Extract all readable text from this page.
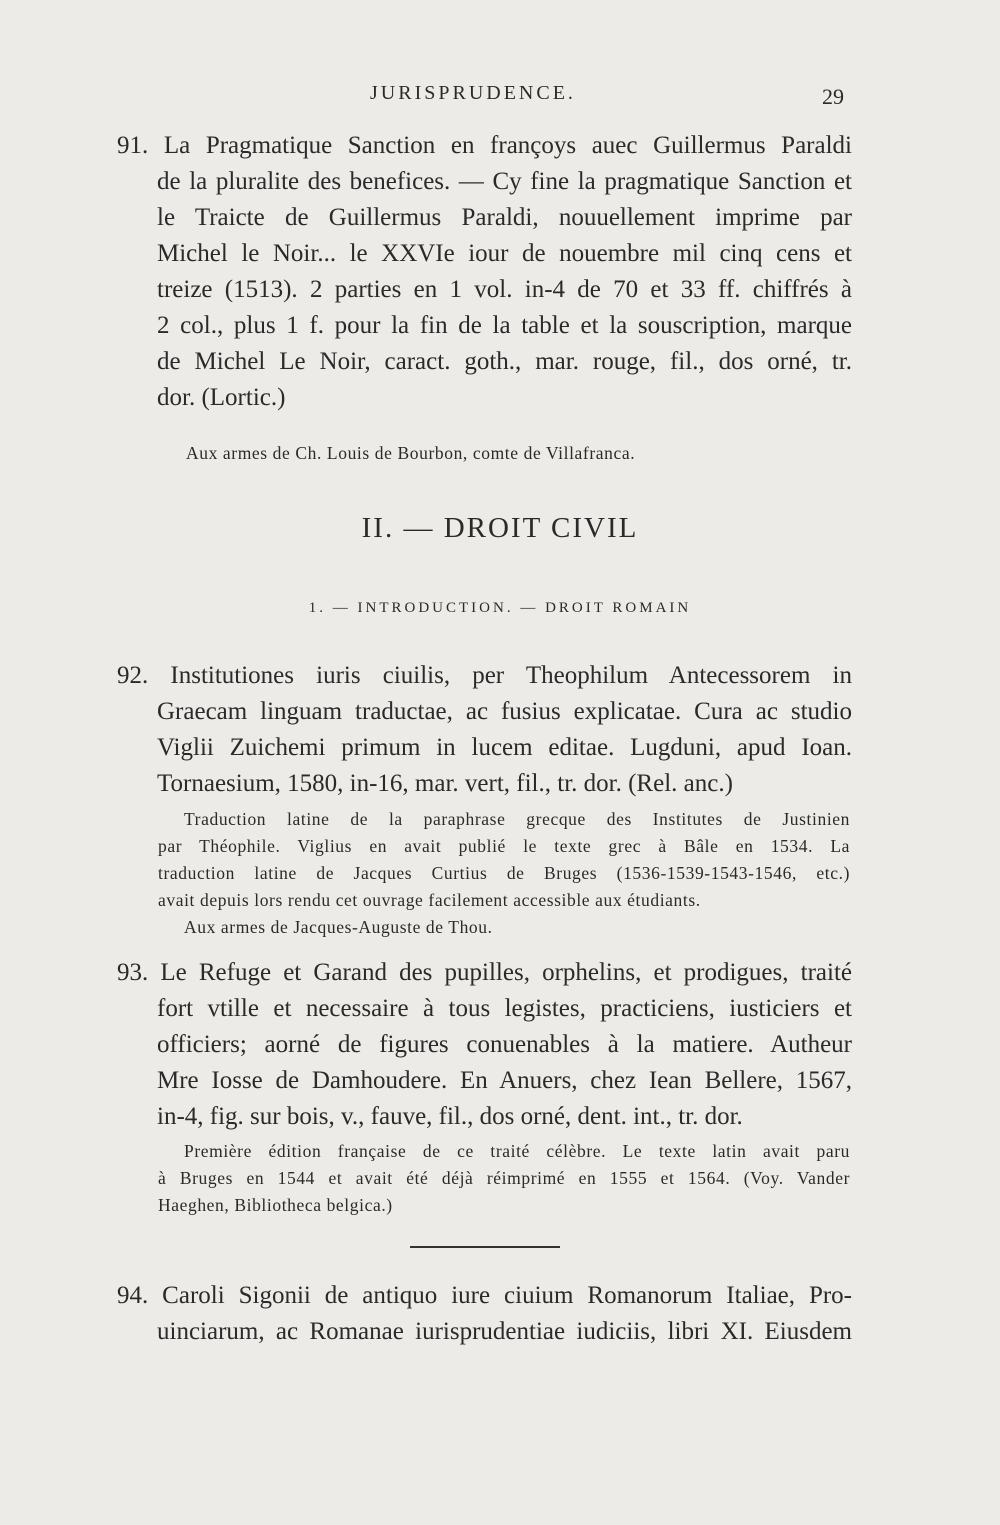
JURISPRUDENCE.	29
91. La Pragmatique Sanction en françoys auec Guillermus Paraldi
de la pluralite des benefices. — Cy fine la pragmatique Sanction et
le Traicte de Guillermus Paraldi, nouuellement imprime par
Michel le Noir... le XXVIe iour de nouembre mil cinq cens et
treize (1513). 2 parties en 1 vol. in-4 de 70 et 33 ff. chiffrés à
2 col., plus 1 f. pour la fin de la table et la souscription, marque
de Michel Le Noir, caract. goth., mar. rouge, fil., dos orné, tr.
dor. (Lortic.)
Aux armes de Ch. Louis de Bourbon, comte de Villafranca.
II. — DROIT CIVIL
1. — INTRODUCTION. — DROIT ROMAIN
92. Institutiones iuris ciuilis, per Theophilum Antecessorem in
Graecam linguam traductae, ac fusius explicatae. Cura ac studio
Viglii Zuichemi primum in lucem editae. Lugduni, apud Ioan.
Tornaesium, 1580, in-16, mar. vert, fil., tr. dor. (Rel. anc.)
Traduction latine de la paraphrase grecque des Institutes de Justinien
par Théophile. Viglius en avait publié le texte grec à Bâle en 1534. La
traduction latine de Jacques Curtius de Bruges (1536-1539-1543-1546, etc.)
avait depuis lors rendu cet ouvrage facilement accessible aux étudiants.
Aux armes de Jacques-Auguste de Thou.
93. Le Refuge et Garand des pupilles, orphelins, et prodigues, traité
fort vtille et necessaire à tous legistes, practiciens, iusticiers et
officiers; aorné de figures conuenables à la matiere. Autheur
Mre Iosse de Damhoudere. En Anuers, chez Iean Bellere, 1567,
in-4, fig. sur bois, v., fauve, fil., dos orné, dent. int., tr. dor.
Première édition française de ce traité célèbre. Le texte latin avait paru
à Bruges en 1544 et avait été déjà réimprimé en 1555 et 1564. (Voy. Vander
Haeghen, Bibliotheca belgica.)
94. Caroli Sigonii de antiquo iure ciuium Romanorum Italiae, Pro-
uinciarum, ac Romanae iurisprudentiae iudiciis, libri XI. Eiusdem
